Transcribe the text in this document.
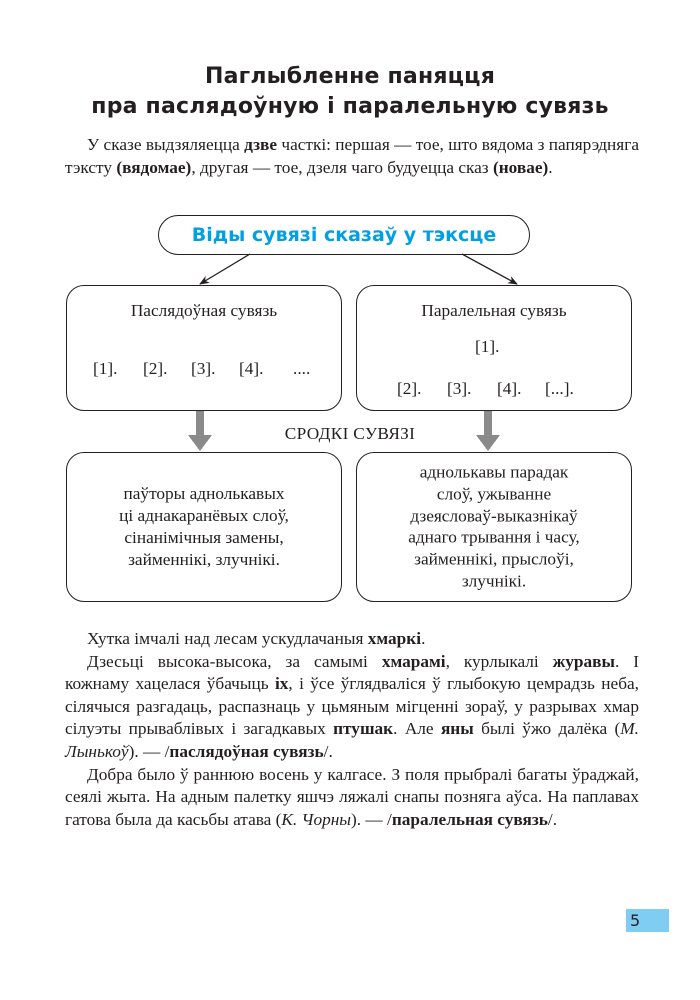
Паглыбленне паняцця
пра паслядоўную і паралельную сувязь

У сказе выдзяляецца дзве часткі: першая — тое, што вядома з папярэдняга тэксту (вядомае), другая — тое, дзеля чаго будуецца сказ (новае).

Віды сувязі сказаў у тэксце
Паслядоўная сувязь
[1]. [2]. [3]. [4]. ....
Паралельная сувязь
[1].
[2]. [3]. [4]. [...].
СРОДКІ СУВЯЗІ
паўторы аднолькавых
ці аднакаранёвых слоў,
сінанімічныя замены,
займеннікі, злучнікі.
аднолькавы парадак
слоў, ужыванне
дзеясловаў-выказнікаў
аднаго трывання і часу,
займеннікі, прыслоўі,
злучнікі.

Хутка імчалі над лесам ускудлачаныя хмаркі.

Дзесьці высока-высока, за самымі хмарамі, курлыкалі журавы. І кожнаму хацелася ўбачыць іх, і ўсе ўглядваліся ў глыбокую цемрадзь неба, сілячыся разгадаць, распазнаць у цьмяным мігценні зораў, у разрывах хмар сілуэты прываблівых і загадкавых птушак. Але яны былі ўжо далёка (М. Лынькоў). — /паслядоўная сувязь/.

Добра было ў раннюю восень у калгасе. З поля прыбралі багаты ўраджай, сеялі жыта. На адным палетку яшчэ ляжалі снапы позняга аўса. На паплавах гатова была да касьбы атава (К. Чорны). — /паралельная сувязь/.

5
